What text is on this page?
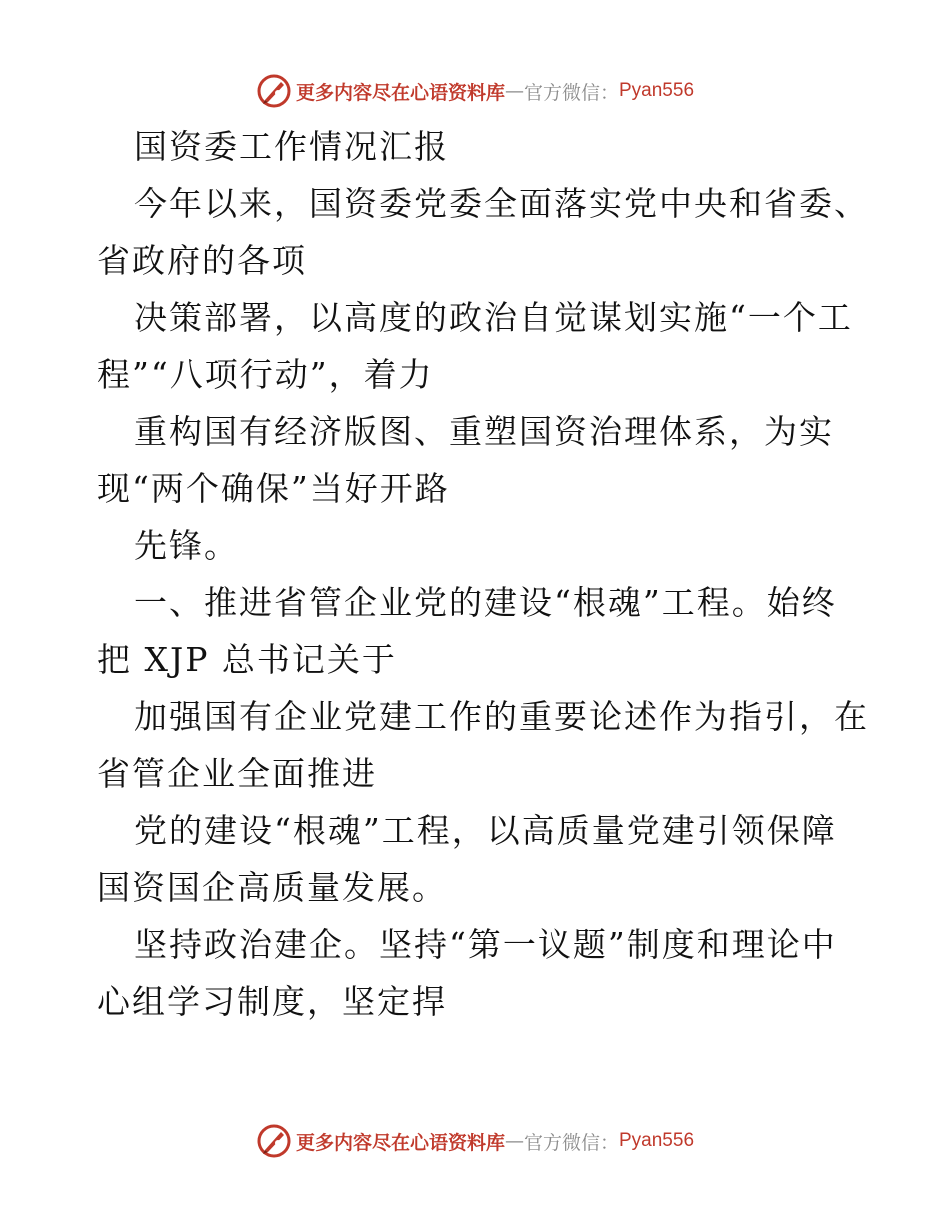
更多内容尽在心语资料库 — 官方微信： Pyan556
国资委工作情况汇报
今年以来，国资委党委全面落实党中央和省委、
省政府的各项
决策部署，以高度的政治自觉谋划实施“一个工
程”“八项行动”，着力
重构国有经济版图、重塑国资治理体系，为实
现“两个确保”当好开路
先锋。
一、推进省管企业党的建设“根魂”工程。始终
把 XJP 总书记关于
加强国有企业党建工作的重要论述作为指引，在
省管企业全面推进
党的建设“根魂”工程，以高质量党建引领保障
国资国企高质量发展。
坚持政治建企。坚持“第一议题”制度和理论中
心组学习制度，坚定捍
更多内容尽在心语资料库 — 官方微信： Pyan556
